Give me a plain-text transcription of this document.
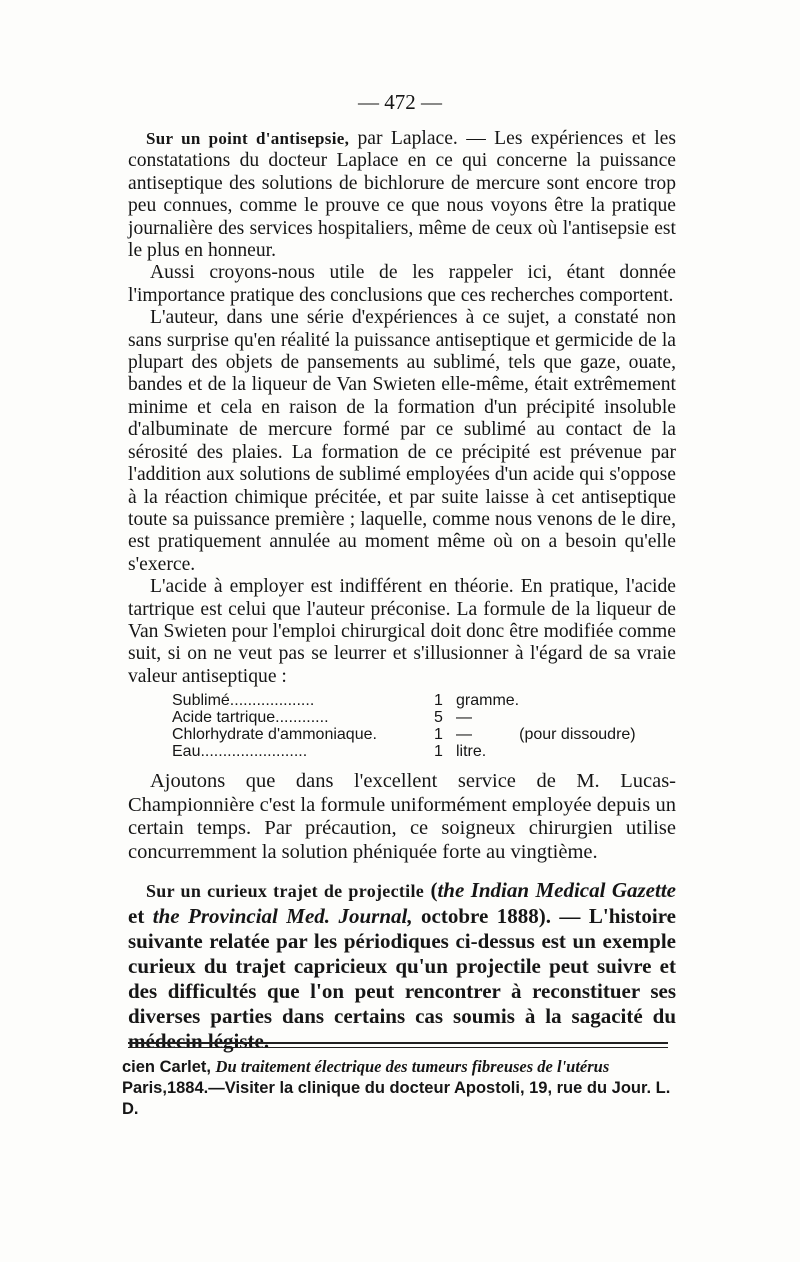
— 472 —

Sur un point d'antisepsie, par Laplace. — Les expériences et les constatations du docteur Laplace en ce qui concerne la puissance antiseptique des solutions de bichlorure de mercure sont encore trop peu connues, comme le prouve ce que nous voyons être la pratique journalière des services hospitaliers, même de ceux où l'antisepsie est le plus en honneur.

Aussi croyons-nous utile de les rappeler ici, étant donnée l'importance pratique des conclusions que ces recherches comportent.

L'auteur, dans une série d'expériences à ce sujet, a constaté non sans surprise qu'en réalité la puissance antiseptique et germicide de la plupart des objets de pansements au sublimé, tels que gaze, ouate, bandes et de la liqueur de Van Swieten elle-même, était extrêmement minime et cela en raison de la formation d'un précipité insoluble d'albuminate de mercure formé par ce sublimé au contact de la sérosité des plaies. La formation de ce précipité est prévenue par l'addition aux solutions de sublimé employées d'un acide qui s'oppose à la réaction chimique précitée, et par suite laisse à cet antiseptique toute sa puissance première ; laquelle, comme nous venons de le dire, est pratiquement annulée au moment même où on a besoin qu'elle s'exerce.

L'acide à employer est indifférent en théorie. En pratique, l'acide tartrique est celui que l'auteur préconise. La formule de la liqueur de Van Swieten pour l'emploi chirurgical doit donc être modifiée comme suit, si on ne veut pas se leurrer et s'illusionner à l'égard de sa vraie valeur antiseptique :

Sublimé...................	1	gramme.	
Acide tartrique............	5	—	
Chlorhydrate d'ammoniaque.	1	—	(pour dissoudre)
Eau........................	1	litre.	

Ajoutons que dans l'excellent service de M. Lucas-Championnière c'est la formule uniformément employée depuis un certain temps. Par précaution, ce soigneux chirurgien utilise concurremment la solution phéniquée forte au vingtième.

Sur un curieux trajet de projectile (the Indian Medical Gazette et the Provincial Med. Journal, octobre 1888). — L'histoire suivante relatée par les périodiques ci-dessus est un exemple curieux du trajet capricieux qu'un projectile peut suivre et des difficultés que l'on peut rencontrer à reconstituer ses diverses parties dans certains cas soumis à la sagacité du médecin légiste.

cien Carlet, Du traitement électrique des tumeurs fibreuses de l'utérus Paris,1884.—Visiter la clinique du docteur Apostoli, 19, rue du Jour. L. D.
